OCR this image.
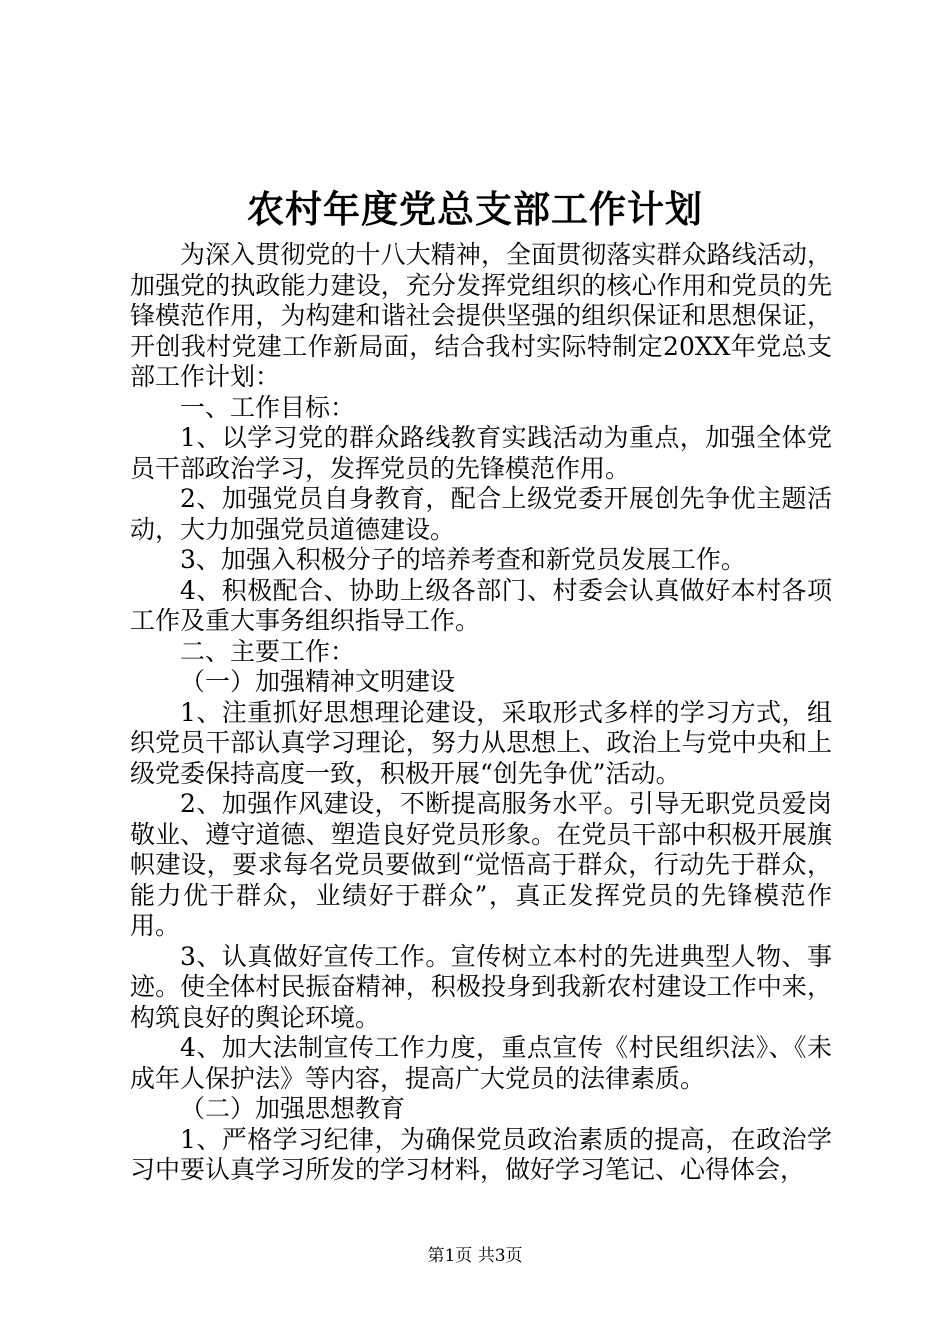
农村年度党总支部工作计划

为深入贯彻党的十八大精神，全面贯彻落实群众路线活动，加强党的执政能力建设，充分发挥党组织的核心作用和党员的先锋模范作用，为构建和谐社会提供坚强的组织保证和思想保证，开创我村党建工作新局面，结合我村实际特制定20XX年党总支部工作计划：

一、工作目标：

1、以学习党的群众路线教育实践活动为重点，加强全体党员干部政治学习，发挥党员的先锋模范作用。

2、加强党员自身教育，配合上级党委开展创先争优主题活动，大力加强党员道德建设。

3、加强入积极分子的培养考查和新党员发展工作。

4、积极配合、协助上级各部门、村委会认真做好本村各项工作及重大事务组织指导工作。

二、主要工作：

（一）加强精神文明建设

1、注重抓好思想理论建设，采取形式多样的学习方式，组织党员干部认真学习理论，努力从思想上、政治上与党中央和上级党委保持高度一致，积极开展“创先争优”活动。

2、加强作风建设，不断提高服务水平。引导无职党员爱岗敬业、遵守道德、塑造良好党员形象。在党员干部中积极开展旗帜建设，要求每名党员要做到“觉悟高于群众，行动先于群众，能力优于群众，业绩好于群众”，真正发挥党员的先锋模范作用。

3、认真做好宣传工作。宣传树立本村的先进典型人物、事迹。使全体村民振奋精神，积极投身到我新农村建设工作中来，构筑良好的舆论环境。

4、加大法制宣传工作力度，重点宣传《村民组织法》、《未成年人保护法》等内容，提高广大党员的法律素质。

（二）加强思想教育

1、严格学习纪律，为确保党员政治素质的提高，在政治学习中要认真学习所发的学习材料，做好学习笔记、心得体会，

第1页 共3页
